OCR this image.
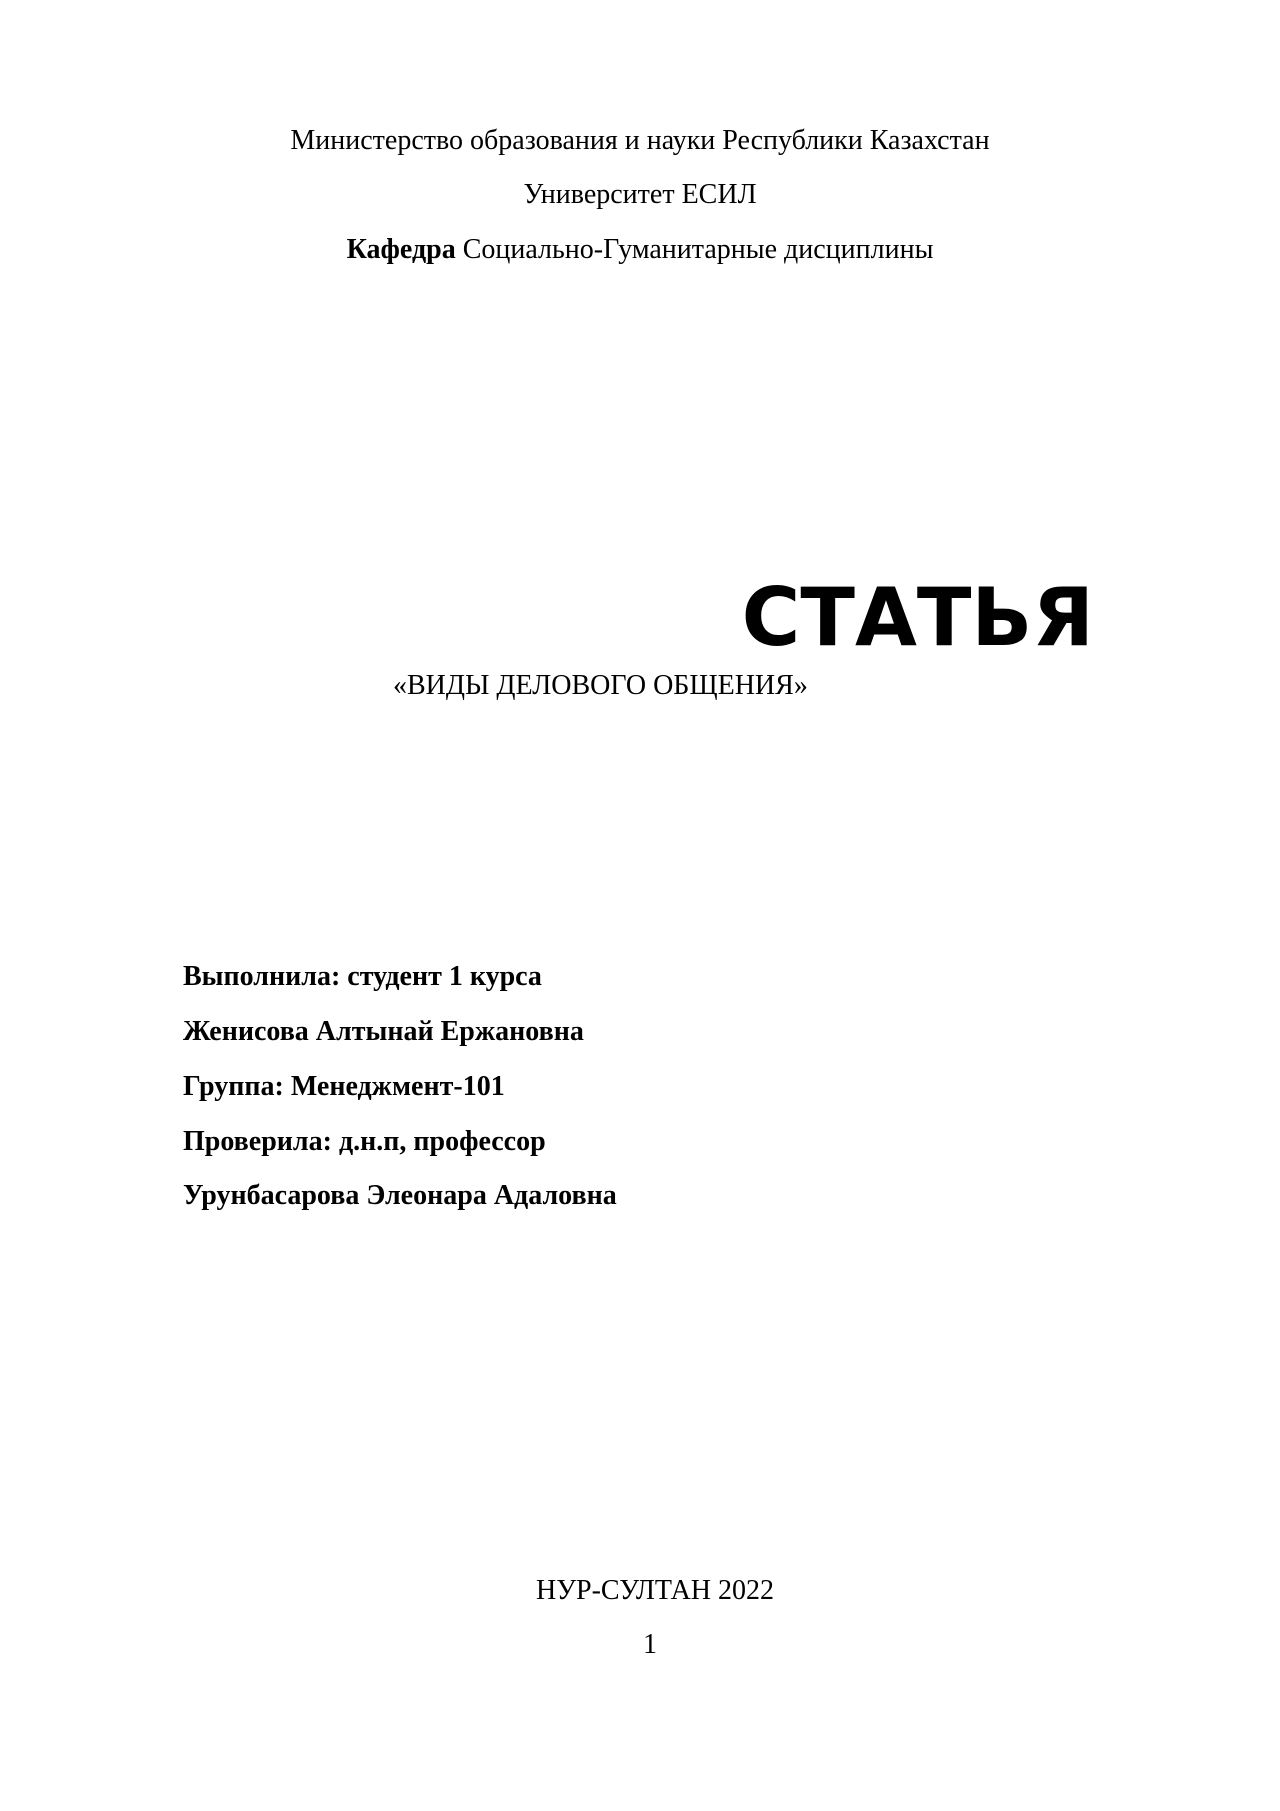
Министерство образования и науки Республики Казахстан
Университет ЕСИЛ
Кафедра Социально-Гуманитарные дисциплины
СТАТЬЯ
«ВИДЫ ДЕЛОВОГО ОБЩЕНИЯ»
Выполнила: студент 1 курса
Женисова Алтынай Ержановна
Группа: Менеджмент-101
Проверила: д.н.п, профессор
Урунбасарова Элеонара Адаловна
НУР-СУЛТАН 2022
1
